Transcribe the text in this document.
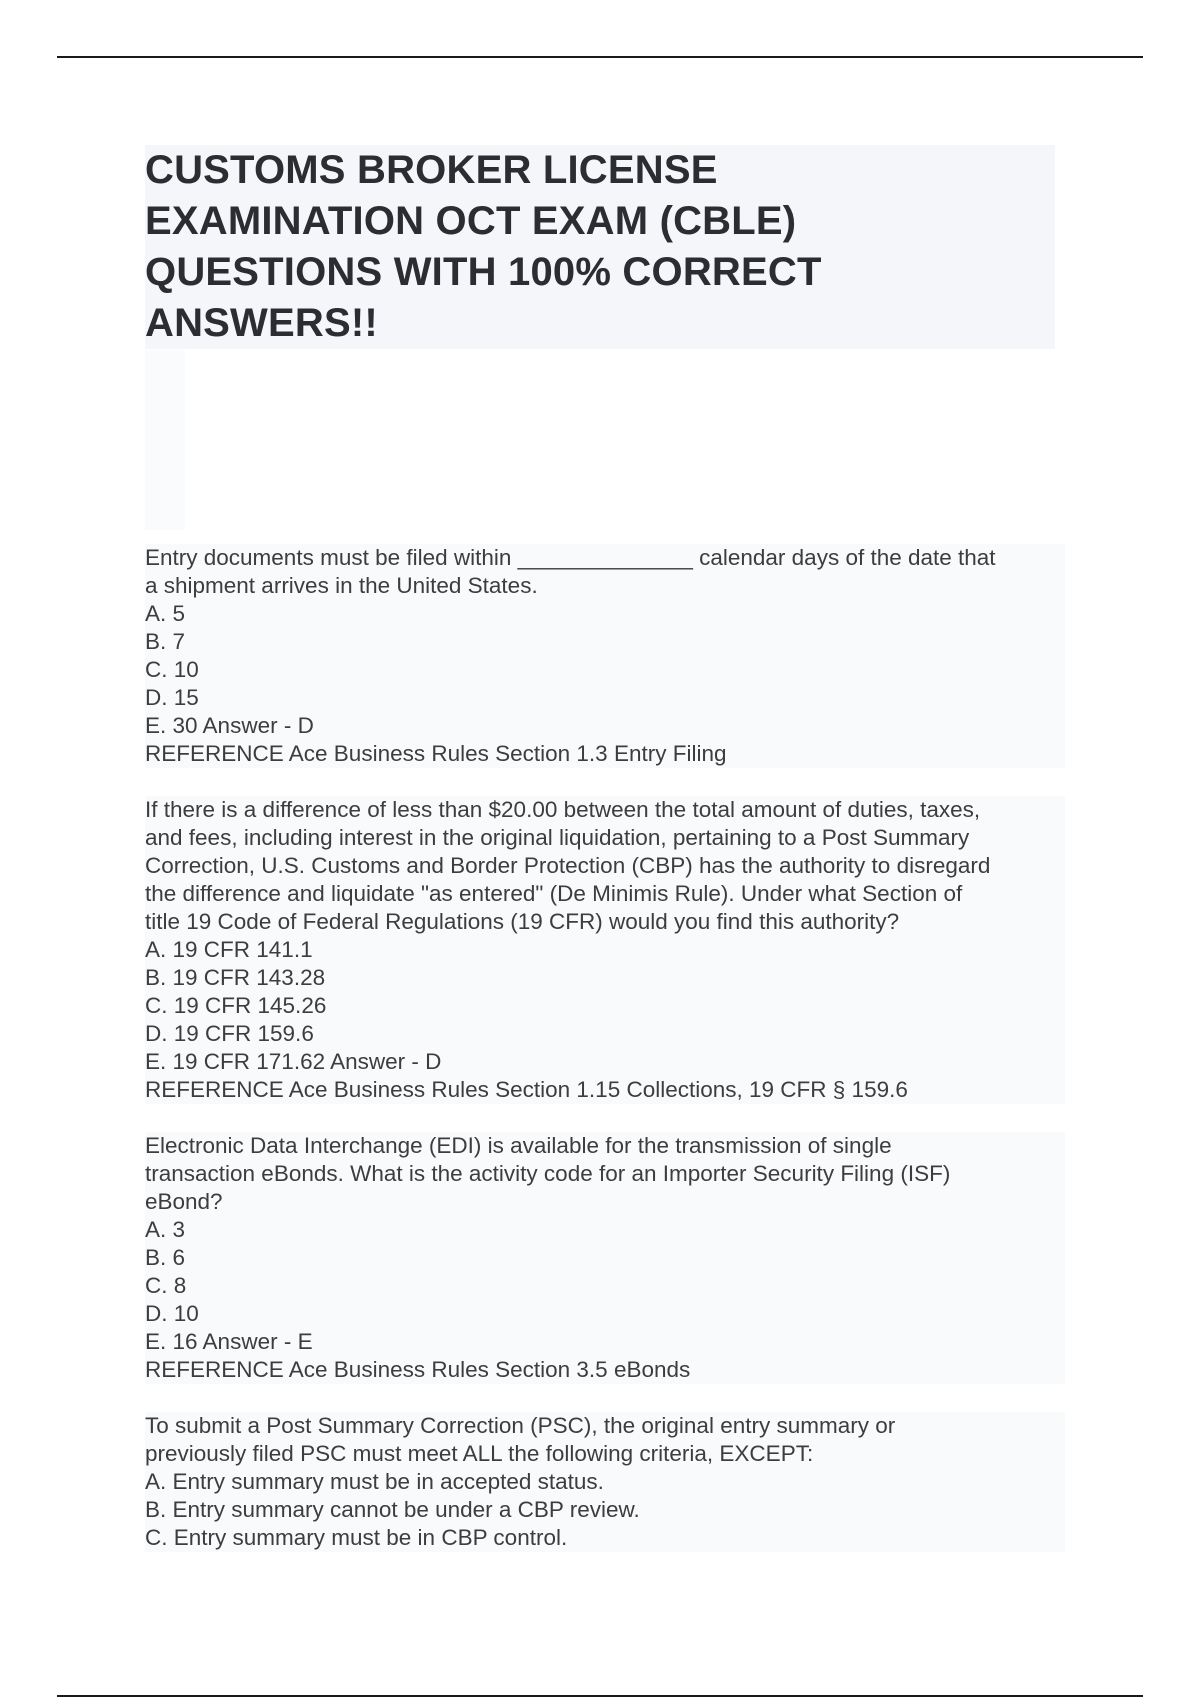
CUSTOMS BROKER LICENSE
EXAMINATION OCT EXAM (CBLE)
QUESTIONS WITH 100% CORRECT
ANSWERS!!
Entry documents must be filed within ______________ calendar days of the date that
a shipment arrives in the United States.
A. 5
B. 7
C. 10
D. 15
E. 30 Answer - D
REFERENCE Ace Business Rules Section 1.3 Entry Filing
If there is a difference of less than $20.00 between the total amount of duties, taxes,
and fees, including interest in the original liquidation, pertaining to a Post Summary
Correction, U.S. Customs and Border Protection (CBP) has the authority to disregard
the difference and liquidate "as entered" (De Minimis Rule). Under what Section of
title 19 Code of Federal Regulations (19 CFR) would you find this authority?
A. 19 CFR 141.1
B. 19 CFR 143.28
C. 19 CFR 145.26
D. 19 CFR 159.6
E. 19 CFR 171.62 Answer - D
REFERENCE Ace Business Rules Section 1.15 Collections, 19 CFR § 159.6
Electronic Data Interchange (EDI) is available for the transmission of single
transaction eBonds. What is the activity code for an Importer Security Filing (ISF)
eBond?
A. 3
B. 6
C. 8
D. 10
E. 16 Answer - E
REFERENCE Ace Business Rules Section 3.5 eBonds
To submit a Post Summary Correction (PSC), the original entry summary or
previously filed PSC must meet ALL the following criteria, EXCEPT:
A. Entry summary must be in accepted status.
B. Entry summary cannot be under a CBP review.
C. Entry summary must be in CBP control.
